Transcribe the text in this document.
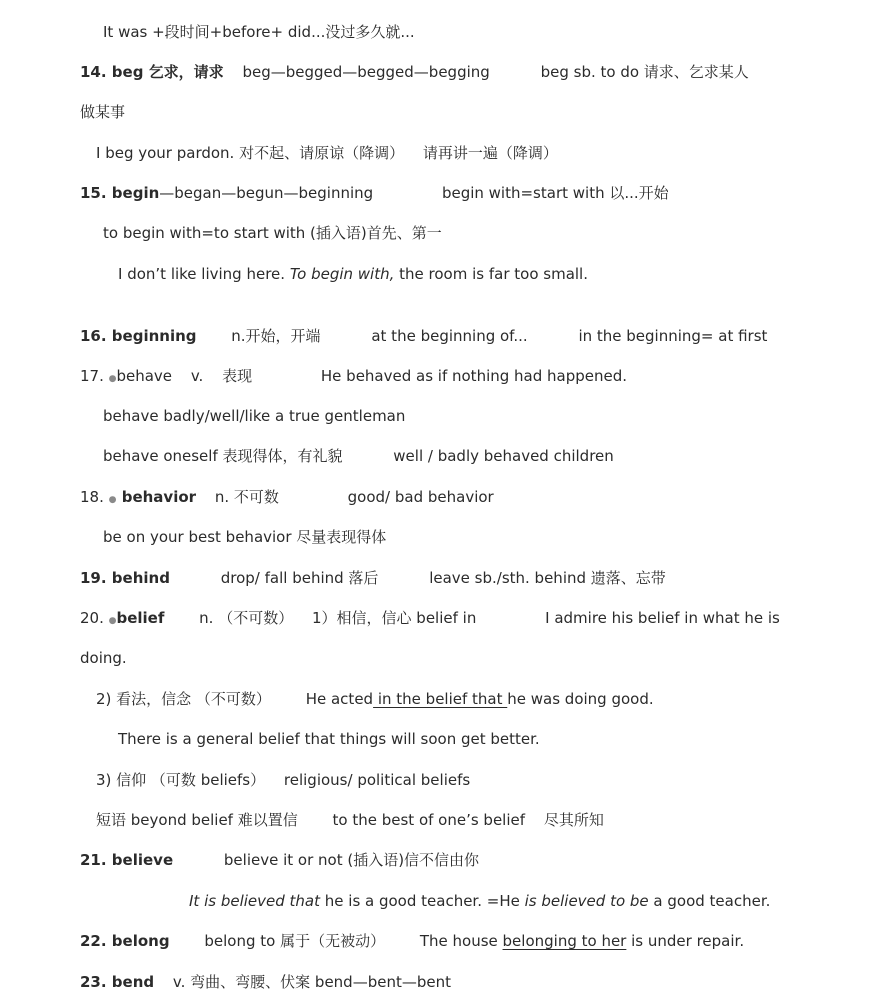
It was +段时间+before+ did...没过多久就...
14. beg 乞求，请求 beg—begged—begged—begging	beg sb. to do 请求、乞求某人
做某事
I beg your pardon. 对不起、请原谅（降调） 请再讲一遍（降调）
15. begin—began—begun—beginning	begin with=start with 以...开始
to begin with=to start with (插入语)首先、第一
I don’t like living here. To begin with, the room is far too small.
16. beginning n.开始，开端	at the beginning of...	in the beginning= at first
17. ●behave v. 表现	He behaved as if nothing had happened.
behave badly/well/like a true gentleman
behave oneself 表现得体，有礼貌	well / badly behaved children
18. ● behavior n. 不可数	good/ bad behavior
be on your best behavior 尽量表现得体
19. behind	drop/ fall behind 落后	leave sb./sth. behind 遗落、忘带
20. ●belief n. （不可数） 1）相信，信心 belief in	I admire his belief in what he is
doing.
2) 看法，信念 （不可数） He acted in the belief that he was doing good.
There is a general belief that things will soon get better.
3) 信仰 （可数 beliefs） religious/ political beliefs
短语 beyond belief 难以置信 to the best of one’s belief 尽其所知
21. believe	believe it or not (插入语)信不信由你
It is believed that he is a good teacher. =He is believed to be a good teacher.
22. belong belong to 属于（无被动） The house belonging to her is under repair.
23. bend v. 弯曲、弯腰、伏案 bend—bent—bent
